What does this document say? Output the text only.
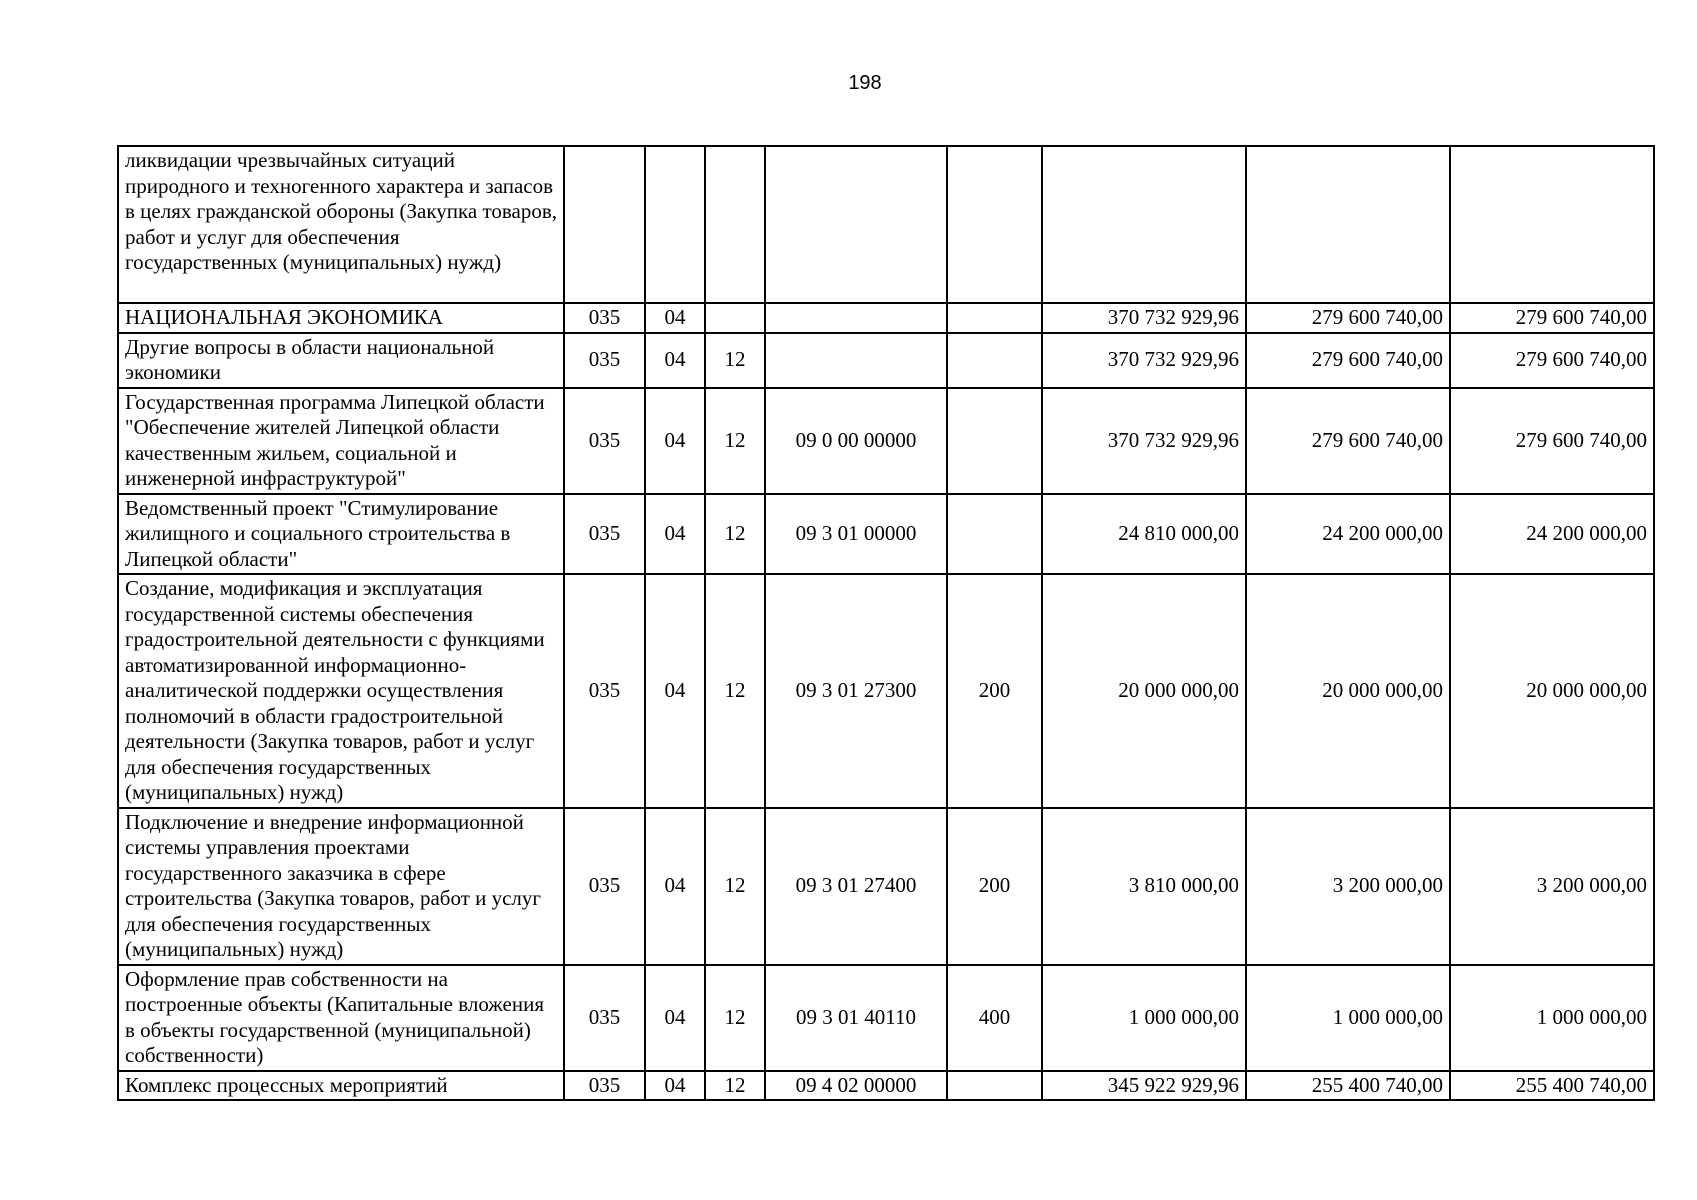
198
ликвидации чрезвычайных ситуаций природного и техногенного характера и запасов в целях гражданской обороны (Закупка товаров, работ и услуг для обеспечения государственных (муниципальных) нужд)								
НАЦИОНАЛЬНАЯ ЭКОНОМИКА	035	04				370 732 929,96	279 600 740,00	279 600 740,00
Другие вопросы в области национальной экономики	035	04	12			370 732 929,96	279 600 740,00	279 600 740,00
Государственная программа Липецкой области "Обеспечение жителей Липецкой области качественным жильем, социальной и инженерной инфраструктурой"	035	04	12	09 0 00 00000		370 732 929,96	279 600 740,00	279 600 740,00
Ведомственный проект "Стимулирование жилищного и социального строительства в Липецкой области"	035	04	12	09 3 01 00000		24 810 000,00	24 200 000,00	24 200 000,00
Создание, модификация и эксплуатация государственной системы обеспечения градостроительной деятельности с функциями автоматизированной информационно-аналитической поддержки осуществления полномочий в области градостроительной деятельности (Закупка товаров, работ и услуг для обеспечения государственных (муниципальных) нужд)	035	04	12	09 3 01 27300	200	20 000 000,00	20 000 000,00	20 000 000,00
Подключение и внедрение информационной системы управления проектами государственного заказчика в сфере строительства (Закупка товаров, работ и услуг для обеспечения государственных (муниципальных) нужд)	035	04	12	09 3 01 27400	200	3 810 000,00	3 200 000,00	3 200 000,00
Оформление прав собственности на построенные объекты (Капитальные вложения в объекты государственной (муниципальной) собственности)	035	04	12	09 3 01 40110	400	1 000 000,00	1 000 000,00	1 000 000,00
Комплекс процессных мероприятий	035	04	12	09 4 02 00000		345 922 929,96	255 400 740,00	255 400 740,00
